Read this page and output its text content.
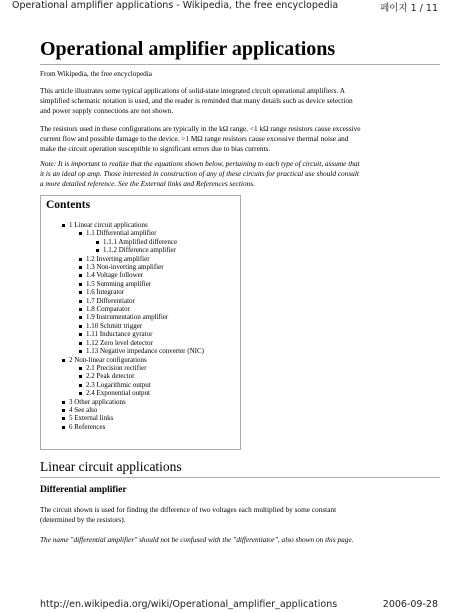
Operational amplifier applications - Wikipedia, the free encyclopedia	페이지 1 / 11
Operational amplifier applications
From Wikipedia, the free encyclopedia

This article illustrates some typical applications of solid-state integrated circuit operational amplifiers. A
simplified schematic notation is used, and the reader is reminded that many details such as device selection
and power supply connections are not shown.

The resistors used in these configurations are typically in the kΩ range. <1 kΩ range resistors cause excessive
current flow and possible damage to the device. >1 MΩ range resistors cause excessive thermal noise and
make the circuit operation susceptible to significant errors due to bias currents.

Note: It is important to realize that the equations shown below, pertaining to each type of circuit, assume that
it is an ideal op amp. Those interested in construction of any of these circuits for practical use should consult
a more detailed reference. See the External links and References sections.

Contents
1 Linear circuit applications
1.1 Differential amplifier
1.1.1 Amplified difference
1.1.2 Difference amplifier
1.2 Inverting amplifier
1.3 Non-inverting amplifier
1.4 Voltage follower
1.5 Summing amplifier
1.6 Integrator
1.7 Differentiator
1.8 Comparator
1.9 Instrumentation amplifier
1.10 Schmitt trigger
1.11 Inductance gyrator
1.12 Zero level detector
1.13 Negative impedance converter (NIC)
2 Non-linear configurations
2.1 Precision rectifier
2.2 Peak detector
2.3 Logarithmic output
2.4 Exponential output
3 Other applications
4 See also
5 External links
6 References
Linear circuit applications
Differential amplifier

The circuit shown is used for finding the difference of two voltages each multiplied by some constant
(determined by the resistors).

The name "differential amplifier" should not be confused with the "differentiator", also shown on this page.

http://en.wikipedia.org/wiki/Operational_amplifier_applications	2006-09-28
